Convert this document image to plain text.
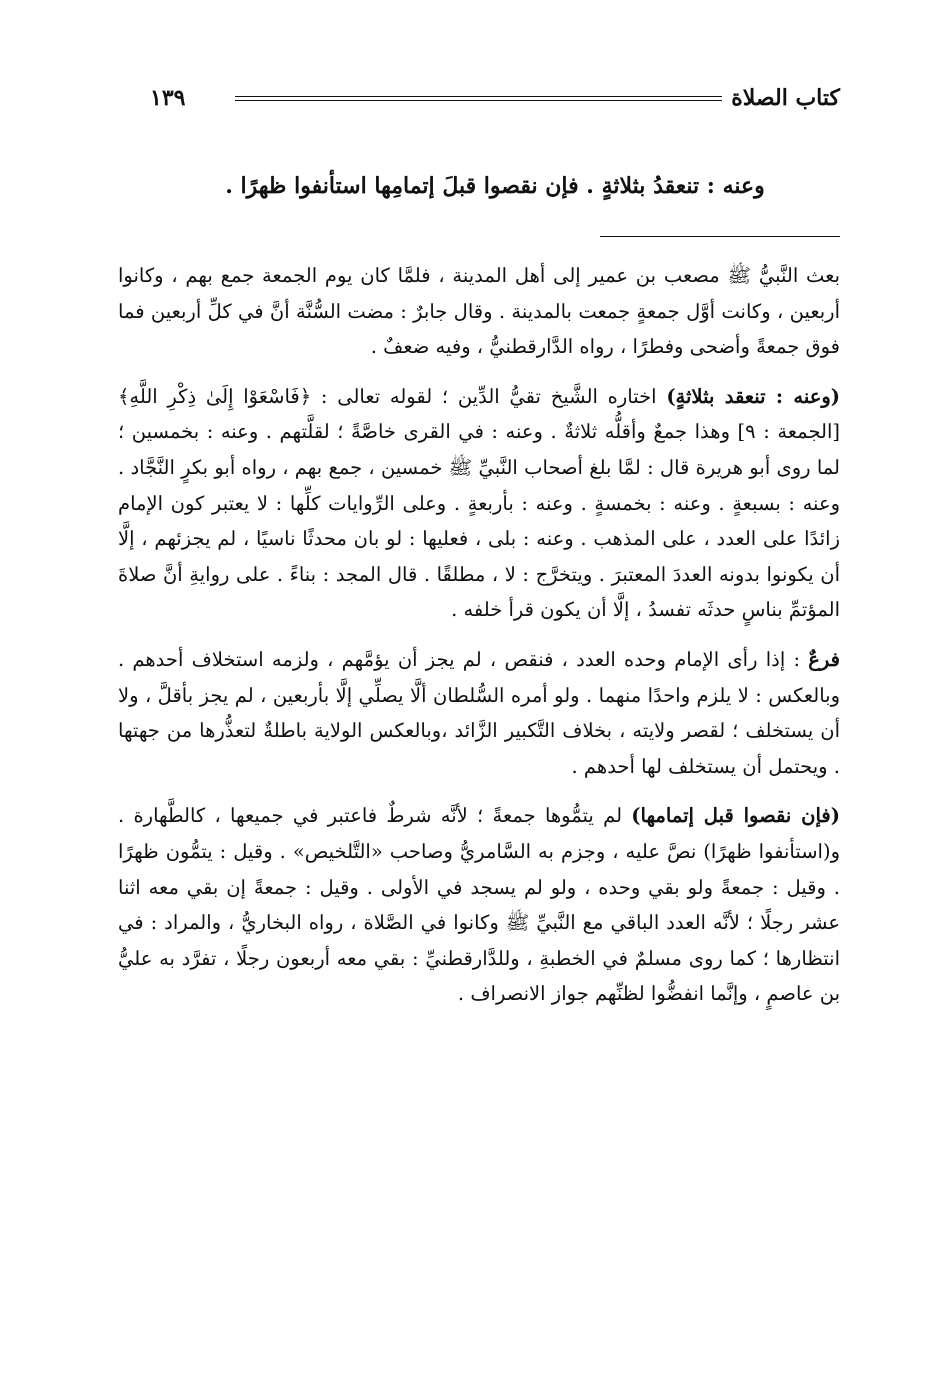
كتاب الصلاة
١٣٩
وعنه : تنعقدُ بثلاثةٍ . فإن نقصوا قبلَ إتمامِها استأنفوا ظهرًا .

بعث النَّبيُّ ﷺ مصعب بن عمير إلى أهل المدينة ، فلمَّا كان يوم الجمعة جمع بهم ، وكانوا أربعين ، وكانت أوَّل جمعةٍ جمعت بالمدينة . وقال جابرٌ : مضت السُّنَّة أنَّ في كلِّ أربعين فما فوق جمعةً وأضحى وفطرًا ، رواه الدَّارقطنيُّ ، وفيه ضعفٌ .

(وعنه : تنعقد بثلاثةٍ) اختاره الشَّيخ تقيُّ الدِّين ؛ لقوله تعالى : ﴿فَاسْعَوْا إِلَىٰ ذِكْرِ اللَّهِ﴾ [الجمعة : ٩] وهذا جمعٌ وأقلُّه ثلاثةٌ . وعنه : في القرى خاصَّةً ؛ لقلَّتهم . وعنه : بخمسين ؛ لما روى أبو هريرة قال : لمَّا بلغ أصحاب النَّبيِّ ﷺ خمسين ، جمع بهم ، رواه أبو بكرٍ النَّجَّاد . وعنه : بسبعةٍ . وعنه : بخمسةٍ . وعنه : بأربعةٍ . وعلى الرِّوايات كلِّها : لا يعتبر كون الإمام زائدًا على العدد ، على المذهب . وعنه : بلى ، فعليها : لو بان محدثًا ناسيًا ، لم يجزئهم ، إلَّا أن يكونوا بدونه العددَ المعتبرَ . ويتخرَّج : لا ، مطلقًا . قال المجد : بناءً . على روايةِ أنَّ صلاةَ المؤتمِّ بناسٍ حدثَه تفسدُ ، إلَّا أن يكون قرأ خلفه .

فرعٌ : إذا رأى الإمام وحده العدد ، فنقص ، لم يجز أن يؤمَّهم ، ولزمه استخلاف أحدهم . وبالعكس : لا يلزم واحدًا منهما . ولو أمره السُّلطان ألَّا يصلِّي إلَّا بأربعين ، لم يجز بأقلَّ ، ولا أن يستخلف ؛ لقصر ولايته ، بخلاف التَّكبير الزَّائد ،وبالعكس الولاية باطلةٌ لتعذُّرها من جهتها . ويحتمل أن يستخلف لها أحدهم .

(فإن نقصوا قبل إتمامها) لم يتمُّوها جمعةً ؛ لأنَّه شرطٌ فاعتبر في جميعها ، كالطَّهارة . و(استأنفوا ظهرًا) نصَّ عليه ، وجزم به السَّامريُّ وصاحب «التَّلخيص» . وقيل : يتمُّون ظهرًا . وقيل : جمعةً ولو بقي وحده ، ولو لم يسجد في الأولى . وقيل : جمعةً إن بقي معه اثنا عشر رجلًا ؛ لأنَّه العدد الباقي مع النَّبيِّ ﷺ وكانوا في الصَّلاة ، رواه البخاريُّ ، والمراد : في انتظارها ؛ كما روى مسلمٌ في الخطبةِ ، وللدَّارقطنيِّ : بقي معه أربعون رجلًا ، تفرَّد به عليُّ بن عاصمٍ ، وإنَّما انفضُّوا لظنِّهم جواز الانصراف .
